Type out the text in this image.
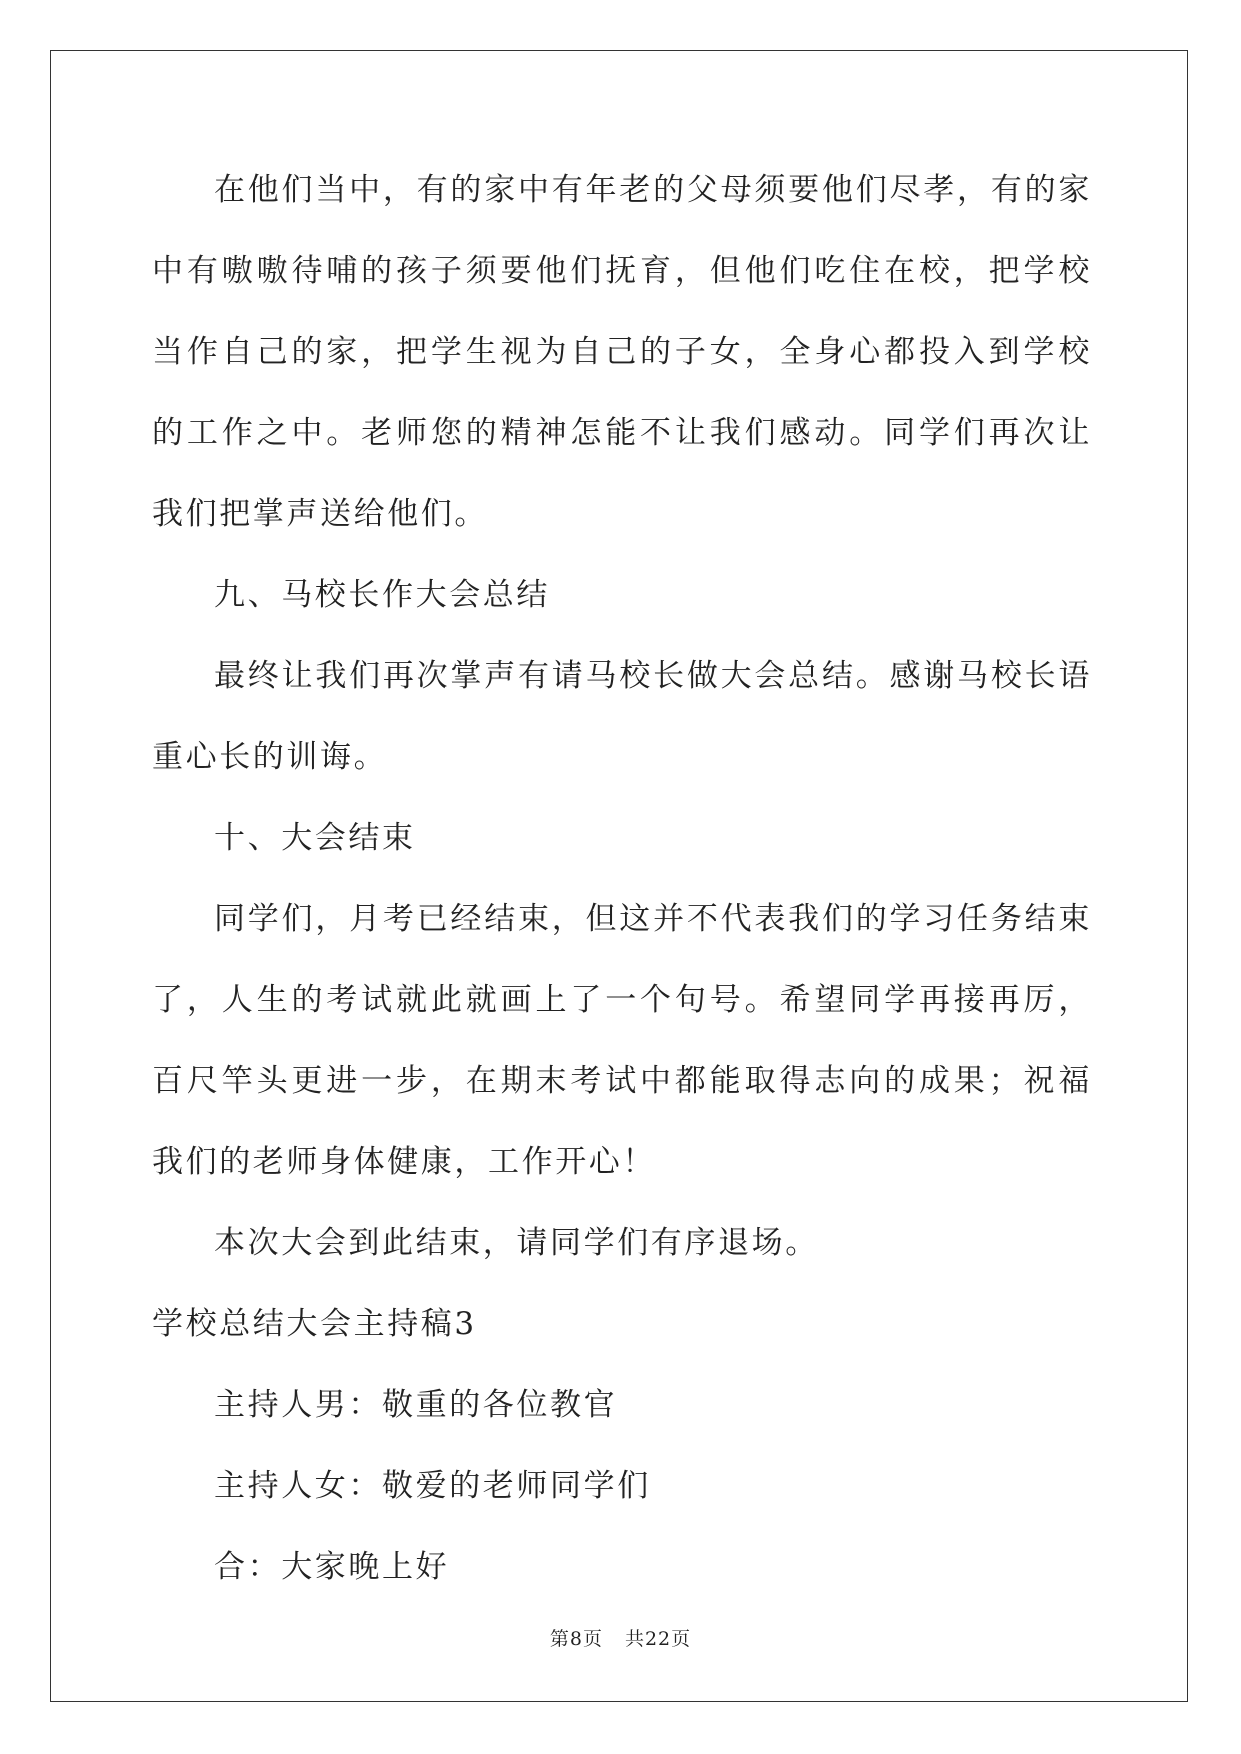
在他们当中，有的家中有年老的父母须要他们尽孝，有的家中有嗷嗷待哺的孩子须要他们抚育，但他们吃住在校，把学校当作自己的家，把学生视为自己的子女，全身心都投入到学校的工作之中。老师您的精神怎能不让我们感动。同学们再次让我们把掌声送给他们。

九、马校长作大会总结

最终让我们再次掌声有请马校长做大会总结。感谢马校长语重心长的训诲。

十、大会结束

同学们，月考已经结束，但这并不代表我们的学习任务结束了，人生的考试就此就画上了一个句号。希望同学再接再厉，百尺竿头更进一步，在期末考试中都能取得志向的成果；祝福我们的老师身体健康，工作开心！

本次大会到此结束，请同学们有序退场。

学校总结大会主持稿3

主持人男：敬重的各位教官

主持人女：敬爱的老师同学们

合：大家晚上好

第8页 共22页
